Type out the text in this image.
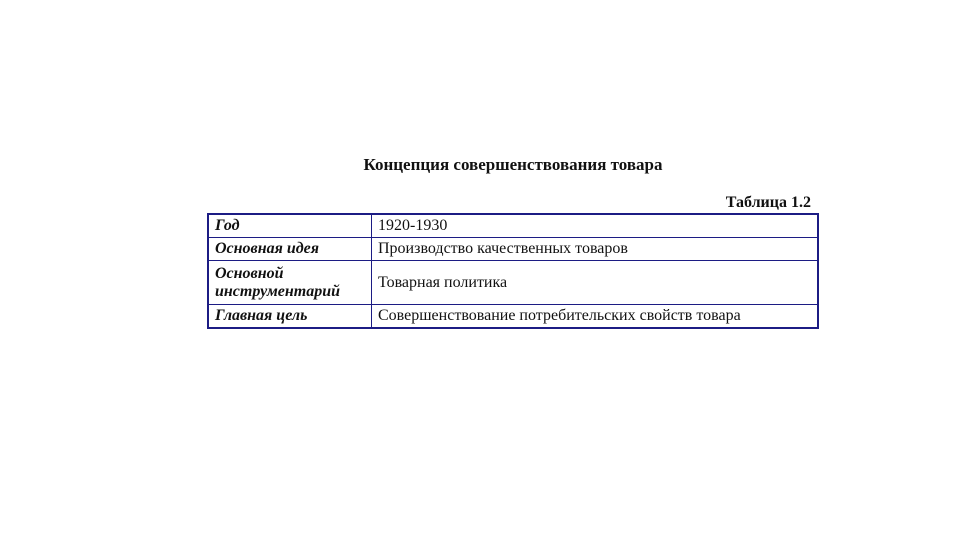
Концепция совершенствования товара
Таблица 1.2
Год	1920-1930
Основная идея	Производство качественных товаров
Основной инструментарий	Товарная политика
Главная цель	Совершенствование потребительских свойств товара
